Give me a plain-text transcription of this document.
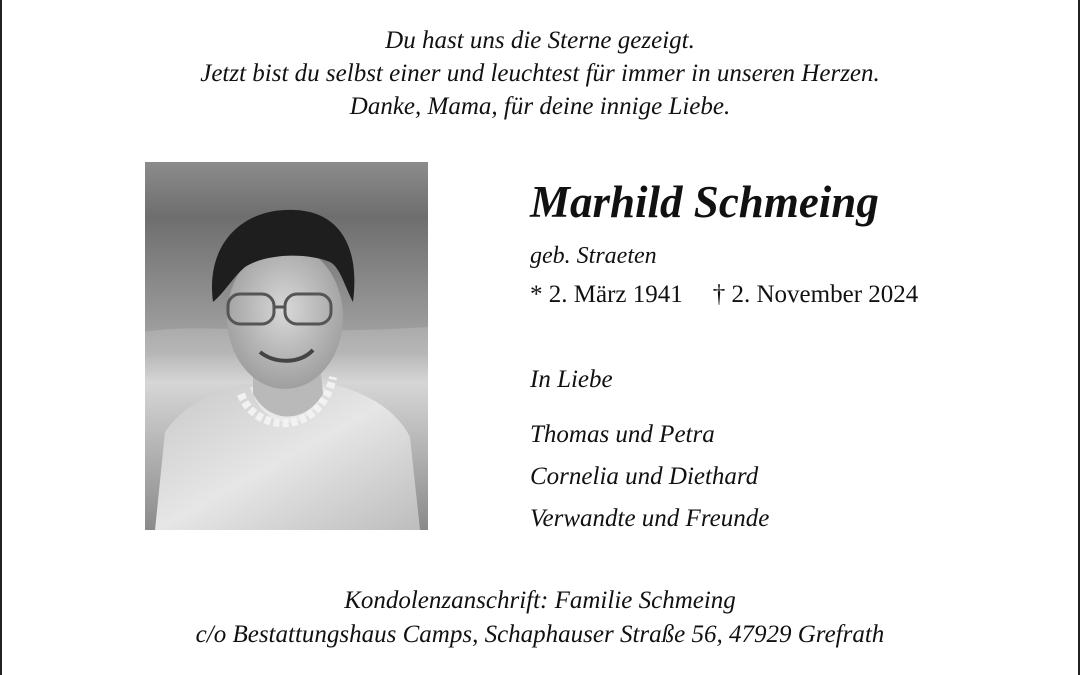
Du hast uns die Sterne gezeigt.
Jetzt bist du selbst einer und leuchtest für immer in unseren Herzen.
Danke, Mama, für deine innige Liebe.
Marhild Schmeing
geb. Straeten
* 2. März 1941 † 2. November 2024
In Liebe
Thomas und Petra
Cornelia und Diethard
Verwandte und Freunde
Kondolenzanschrift: Familie Schmeing
c/o Bestattungshaus Camps, Schaphauser Straße 56, 47929 Grefrath
